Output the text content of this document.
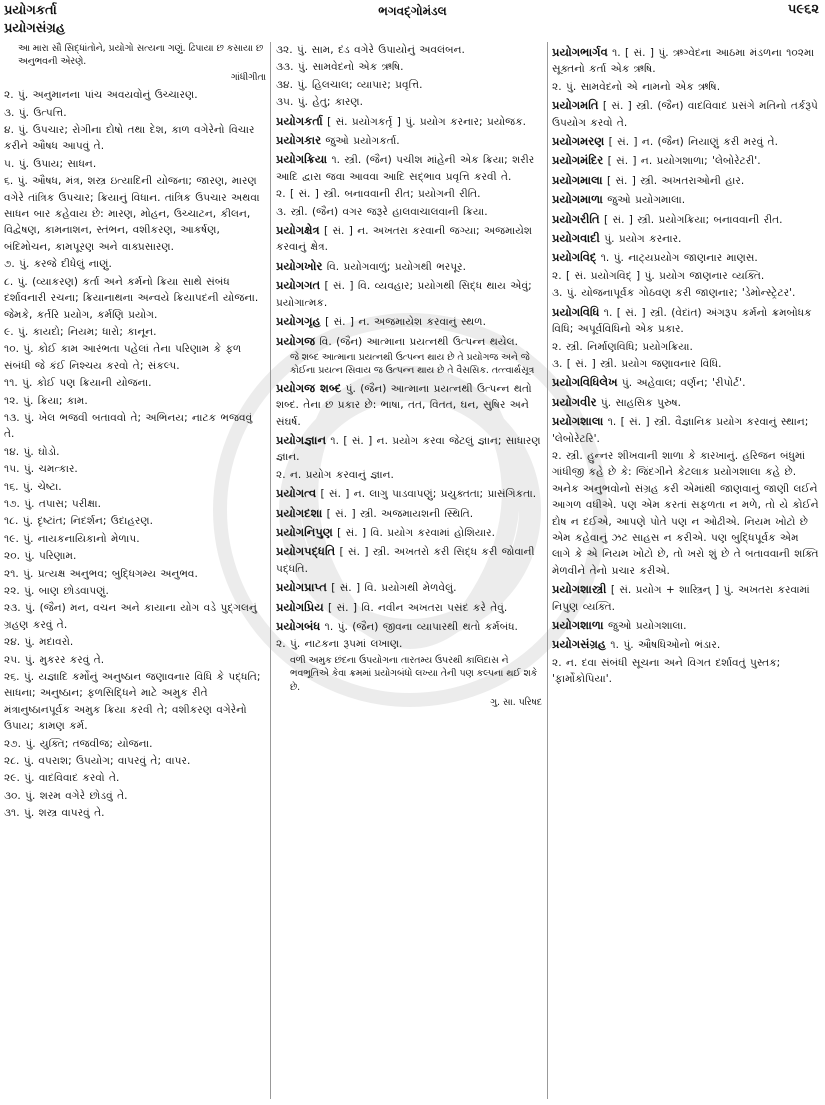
પ્રયોગકર્તા
પ્રયોગસંગ્રહ
ભગવદ્ગોમંડલ	૫૯૬૨

આ મારા સૌ સિદ્ધાંતોને, પ્રયોગો સત્યના ગણું. ઢિપાયા છ કસાયા છ અનુભવની એરણે.

ગાંધીગીતા

૨. પું. અનુમાનના પાંચ અવયવોનું ઉચ્ચારણ.

૩. પું. ઉત્પત્તિ.

૪. પું. ઉપચાર; રોગીના દોષો તથા દેશ, કાળ વગેરેનો વિચાર કરીને ઔષધ આપવું તે.

૫. પું. ઉપાય; સાધન.

૬. પું. ઔષધ, મંત્ર, શસ્ત્ર ઇત્યાદિની યોજના; જારણ, મારણ વગેરે તાંત્રિક ઉપચાર; ક્રિયાનું વિધાન. તાંત્રિક ઉપચાર અથવા સાધન બાર કહેવાય છે: મારણ, મોહન, ઉચ્ચાટન, કીલન, વિદ્વેષણ, કામનાશન, સ્તંભન, વશીકરણ, આકર્ષણ, બંદિમોચન, કામપૂરણ અને વાક્પ્રસારણ.

૭. પું. કરજે દીધેલું નાણું.

૮. પું. (વ્યાકરણ) કર્તા અને કર્મનો ક્રિયા સાથે સંબંધ દર્શાવનારી રચના; ક્રિયાનાથના અન્વયે ક્રિયાપદની યોજના. જેમકે, કર્તરિ પ્રયોગ, કર્મણિ પ્રયોગ.

૯. પું. કાયદો; નિયમ; ધારો; કાનૂન.

૧૦. પું. કોઈ કામ આરંભતા પહેલાં તેના પરિણામ કે ફળ સંબંધી જે કંઈ નિશ્ચય કરવો તે; સંકલ્પ.

૧૧. પું. કોઈ પણ ક્રિયાની યોજના.

૧૨. પું. ક્રિયા; કામ.

૧૩. પું. ખેલ ભજવી બતાવવો તે; અભિનય; નાટક ભજવવું તે.

૧૪. પું. ઘોડો.

૧૫. પું. ચમત્કાર.

૧૬. પું. ચેષ્ટા.

૧૭. પું. તપાસ; પરીક્ષા.

૧૮. પું. દૃષ્ટાંત; નિદર્શન; ઉદાહરણ.

૧૯. પું. નાયકનાયિકાનો મેળાપ.

૨૦. પું. પરિણામ.

૨૧. પું. પ્રત્યક્ષ અનુભવ; બુદ્ધિગમ્ય અનુભવ.

૨૨. પું. બાણ છોડવાપણું.

૨૩. પું. (જૈન) મન, વચન અને કાયાના યોગ વડે પુદ્ગલનું ગ્રહણ કરવું તે.

૨૪. પું. મદાવરો.

૨૫. પું. મુકરર કરવું તે.

૨૬. પું. યજ્ઞાદિ કર્મોનું અનુષ્ઠાન જણાવનાર વિધિ કે પદ્ધતિ; સાધના; અનુષ્ઠાન; ફળસિદ્ધિને માટે અમુક રીતે મંત્રાનુષ્ઠાનપૂર્વક અમુક ક્રિયા કરવી તે; વશીકરણ વગેરેનો ઉપાય; કામણ કર્મ.

૨૭. પું. યુક્તિ; તજવીજ; યોજના.

૨૮. પું. વપરાશ; ઉપયોગ; વાપરવું તે; વાપર.

૨૯. પું. વાદવિવાદ કરવો તે.

૩૦. પું. શરમ વગેરે છોડવું તે.

૩૧. પું. શસ્ત્ર વાપરવું તે.

૩૨. પું. સામ, દંડ વગેરે ઉપાયોનું અવલંબન.

૩૩. પું. સામવેદનો એક ઋષિ.

૩૪. પું. હિલચાલ; વ્યાપાર; પ્રવૃત્તિ.

૩૫. પું. હેતુ; કારણ.

પ્રયોગકર્તા [ સં. પ્રયોગકર્તૃ ] પું. પ્રયોગ કરનાર; પ્રયોજક.

પ્રયોગકાર જુઓ પ્રયોગકર્તા.

પ્રયોગક્રિયા ૧. સ્ત્રી. (જૈન) પચીશ માંહેની એક ક્રિયા; શરીર આદિ દ્વારા જવા આવવા આદિ સદ્ભાવ પ્રવૃત્તિ કરવી તે.

૨. [ સં. ] સ્ત્રી. બનાવવાની રીત; પ્રયોગની રીતિ.

૩. સ્ત્રી. (જૈન) વગર જરૂરે હાલવાચાલવાની ક્રિયા.

પ્રયોગક્ષેત્ર [ સં. ] ન. અખતરા કરવાની જગ્યા; અજમાયેશ કરવાનું ક્ષેત્ર.

પ્રયોગખોર વિ. પ્રયોગવાળું; પ્રયોગથી ભરપૂર.

પ્રયોગગત [ સં. ] વિ. વ્યવહાર; પ્રયોગથી સિદ્ધ થાય એવું; પ્રયોગાત્મક.

પ્રયોગગૃહ [ સં. ] ન. અજમાયેશ કરવાનું સ્થળ.

પ્રયોગજ વિ. (જૈન) આત્માના પ્રયત્નથી ઉત્પન્ન થયેલ.

જે શબ્દ આત્માના પ્રયત્નથી ઉત્પન્ન થાય છે તે પ્રયોગજ અને જે કોઈના પ્રયત્ન સિવાય જ ઉત્પન્ન થાય છે તે વૈસસિક. તત્ત્વાર્થસૂત્ર

પ્રયોગજ શબ્દ પું. (જૈન) આત્માના પ્રયત્નથી ઉત્પન્ન થતો શબ્દ. તેના છ પ્રકાર છે: ભાષા, તત, વિતત, ઘન, સુષિર અને સંઘર્ષ.

પ્રયોગજ્ઞાન ૧. [ સં. ] ન. પ્રયોગ કરવા જેટલું જ્ઞાન; સાધારણ જ્ઞાન.

૨. ન. પ્રયોગ કરવાનું જ્ઞાન.

પ્રયોગત્વ [ સં. ] ન. લાગુ પાડવાપણું; પ્રયુક્તતા; પ્રાસંગિકતા.

પ્રયોગદશા [ સં. ] સ્ત્રી. અજમાયશની સ્થિતિ.

પ્રયોગનિપુણ [ સં. ] વિ. પ્રયોગ કરવામાં હોશિયાર.

પ્રયોગપદ્ધતિ [ સં. ] સ્ત્રી. અખતરો કરી સિદ્ધ કરી જોવાની પદ્ધતિ.

પ્રયોગપ્રાપ્ત [ સં. ] વિ. પ્રયોગથી મેળવેલું.

પ્રયોગપ્રિય [ સં. ] વિ. નવીન અખતરા પસંદ કરે તેવું.

પ્રયોગબંધ ૧. પું. (જૈન) જીવના વ્યાપારથી થતો કર્મબંધ.

૨. પું. નાટકના રૂપમાં લખાણ.

વળી અમુક છંદના ઉપયોગના તારતમ્ય ઉપરથી કાલિદાસ ને ભવભૂતિએ કેવા ક્રમમાં પ્રયોગબંધો લખ્યા તેની પણ કલ્પના થઈ શકે છે.

ગુ. સા. પરિષદ

પ્રયોગભાર્ગવ ૧. [ સં. ] પું. ઋગ્વેદના આઠમા મંડળના ૧૦૨મા સૂક્તનો કર્તા એક ઋષિ.

૨. પું. સામવેદનો એ નામનો એક ઋષિ.

પ્રયોગમતિ [ સં. ] સ્ત્રી. (જૈન) વાદવિવાદ પ્રસંગે મતિનો તર્કરૂપે ઉપયોગ કરવો તે.

પ્રયોગમરણ [ સં. ] ન. (જૈન) નિયાણું કરી મરવું તે.

પ્રયોગમંદિર [ સં. ] ન. પ્રયોગશાળા; 'લેબોરેટરી'.

પ્રયોગમાલા [ સં. ] સ્ત્રી. અખતરાઓની હાર.

પ્રયોગમાળા જુઓ પ્રયોગમાલા.

પ્રયોગરીતિ [ સં. ] સ્ત્રી. પ્રયોગક્રિયા; બનાવવાની રીત.

પ્રયોગવાદી પું. પ્રયોગ કરનાર.

પ્રયોગવિદ્ ૧. પું. નાટ્યપ્રયોગ જાણનાર માણસ.

૨. [ સં. પ્રયોગવિદ્ ] પું. પ્રયોગ જાણનાર વ્યક્તિ.

૩. પું. યોજનાપૂર્વક ગોઠવણ કરી જાણનાર; 'ડેમોન્સ્ટ્રેટર'.

પ્રયોગવિધિ ૧. [ સં. ] સ્ત્રી. (વેદાંત) અંગરૂપ કર્મનો ક્રમબોધક વિધિ; અપૂર્વવિધિનો એક પ્રકાર.

૨. સ્ત્રી. નિર્માણવિધિ; પ્રયોગક્રિયા.

૩. [ સં. ] સ્ત્રી. પ્રયોગ જણાવનાર વિધિ.

પ્રયોગવિધિલેખ પું. અહેવાલ; વર્ણન; 'રીપોર્ટ'.

પ્રયોગવીર પું. સાહસિક પુરુષ.

પ્રયોગશાલા ૧. [ સં. ] સ્ત્રી. વૈજ્ઞાનિક પ્રયોગ કરવાનું સ્થાન; 'લેબોરેટરિ'.

૨. સ્ત્રી. હુન્નર શીખવાની શાળા કે કારખાનું. હરિજન બંધુમાં ગાંધીજી કહે છે કે: જિંદગીને કેટલાક પ્રયોગશાલા કહે છે. અનેક અનુભવોનો સંગ્રહ કરી એમાંથી જાણવાનું જાણી લઈને આગળ વધીએ. પણ એમ કરતાં સફળતા ન મળે, તો યે કોઈને દોષ ન દઈએ, આપણે પોતે પણ ન ઓઢીએ. નિયમ ખોટો છે એમ કહેવાનું ઝટ સાહસ ન કરીએ. પણ બુદ્ધિપૂર્વક એમ લાગે કે એ નિયમ ખોટો છે, તો ખરો શું છે તે બતાવવાની શક્તિ મેળવીને તેનો પ્રચાર કરીએ.

પ્રયોગશાસ્ત્રી [ સં. પ્રયોગ + શાસ્ત્રિન્ ] પું. અખતરા કરવામાં નિપુણ વ્યક્તિ.

પ્રયોગશાળા જુઓ પ્રયોગશાલા.

પ્રયોગસંગ્રહ ૧. પું. ઔષધિઓનો ભંડાર.

૨. ન. દવા સંબંધી સૂચના અને વિગત દર્શાવતું પુસ્તક; 'ફાર્મોકોપિયા'.
